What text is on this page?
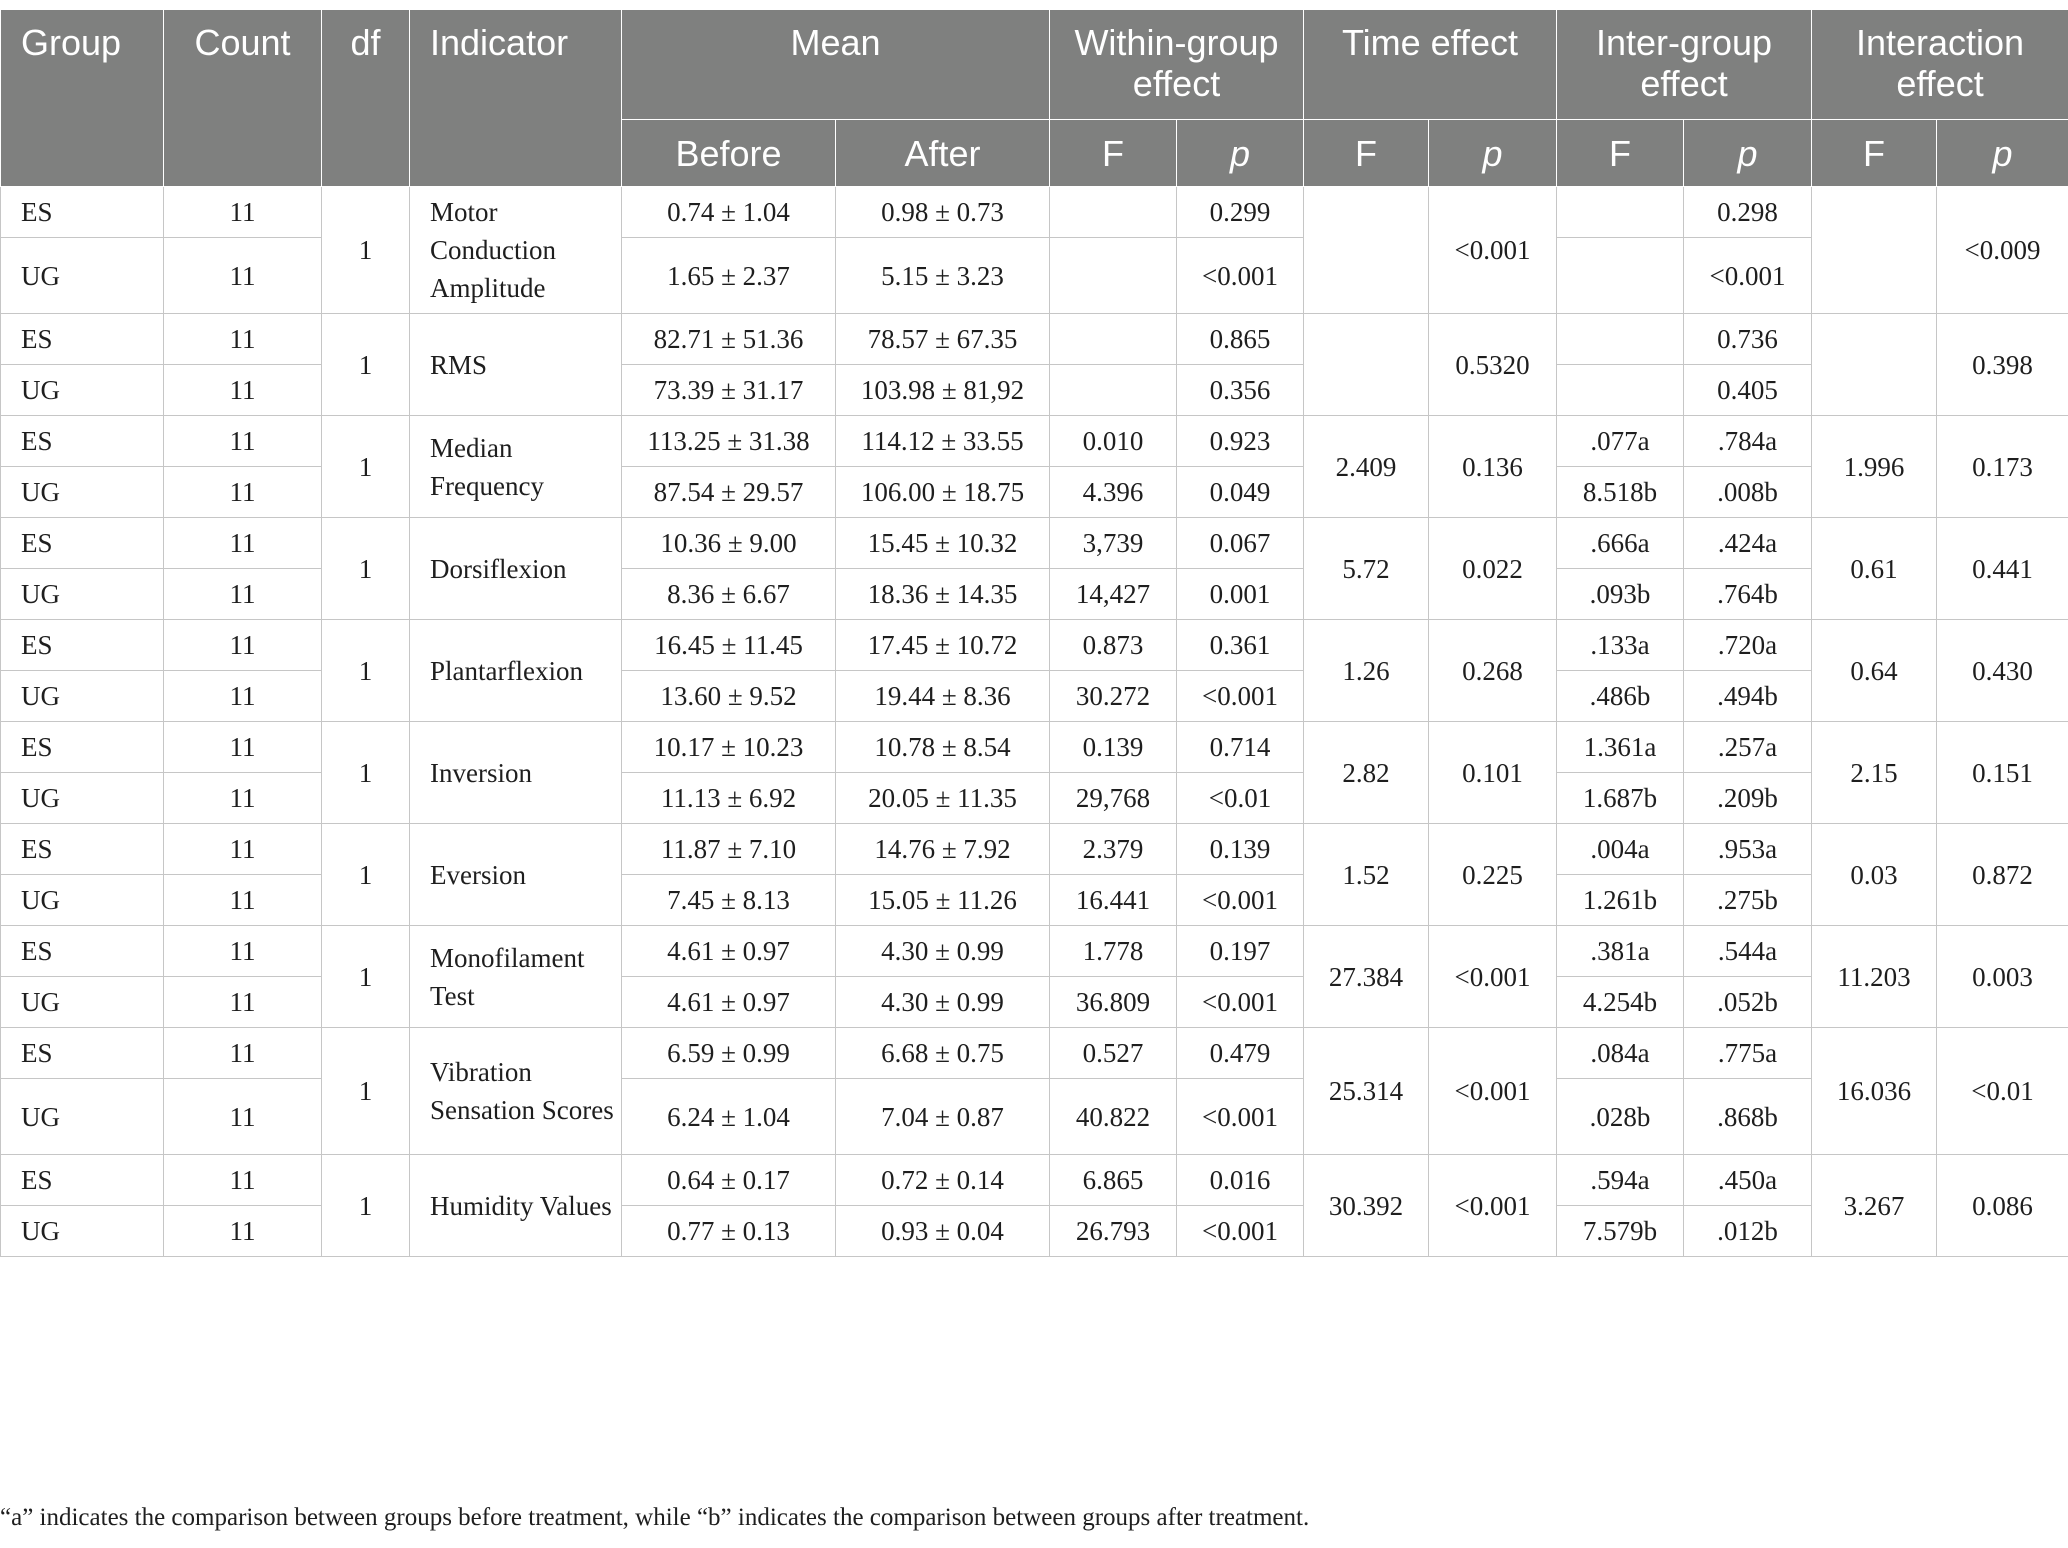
Group	Count	df	Indicator	Mean		Within-group effect		Time effect		Inter-group effect		Interaction effect	
				Before	After	F	p	F	p	F	p	F	p
ES	11	1	Motor Conduction Amplitude	0.74 ± 1.04	0.98 ± 0.73		0.299		<0.001		0.298		<0.009
UG	11			1.65 ± 2.37	5.15 ± 3.23		<0.001				<0.001		
ES	11	1	RMS	82.71 ± 51.36	78.57 ± 67.35		0.865		0.5320		0.736		0.398
UG	11			73.39 ± 31.17	103.98 ± 81,92		0.356				0.405		
ES	11	1	Median Frequency	113.25 ± 31.38	114.12 ± 33.55	0.010	0.923	2.409	0.136	.077a	.784a	1.996	0.173
UG	11			87.54 ± 29.57	106.00 ± 18.75	4.396	0.049			8.518b	.008b		
ES	11	1	Dorsiflexion	10.36 ± 9.00	15.45 ± 10.32	3,739	0.067	5.72	0.022	.666a	.424a	0.61	0.441
UG	11			8.36 ± 6.67	18.36 ± 14.35	14,427	0.001			.093b	.764b		
ES	11	1	Plantarflexion	16.45 ± 11.45	17.45 ± 10.72	0.873	0.361	1.26	0.268	.133a	.720a	0.64	0.430
UG	11			13.60 ± 9.52	19.44 ± 8.36	30.272	<0.001			.486b	.494b		
ES	11	1	Inversion	10.17 ± 10.23	10.78 ± 8.54	0.139	0.714	2.82	0.101	1.361a	.257a	2.15	0.151
UG	11			11.13 ± 6.92	20.05 ± 11.35	29,768	<0.01			1.687b	.209b		
ES	11	1	Eversion	11.87 ± 7.10	14.76 ± 7.92	2.379	0.139	1.52	0.225	.004a	.953a	0.03	0.872
UG	11			7.45 ± 8.13	15.05 ± 11.26	16.441	<0.001			1.261b	.275b		
ES	11	1	Monofilament Test	4.61 ± 0.97	4.30 ± 0.99	1.778	0.197	27.384	<0.001	.381a	.544a	11.203	0.003
UG	11			4.61 ± 0.97	4.30 ± 0.99	36.809	<0.001			4.254b	.052b		
ES	11	1	Vibration Sensation Scores	6.59 ± 0.99	6.68 ± 0.75	0.527	0.479	25.314	<0.001	.084a	.775a	16.036	<0.01
UG	11			6.24 ± 1.04	7.04 ± 0.87	40.822	<0.001			.028b	.868b		
ES	11	1	Humidity Values	0.64 ± 0.17	0.72 ± 0.14	6.865	0.016	30.392	<0.001	.594a	.450a	3.267	0.086
UG	11			0.77 ± 0.13	0.93 ± 0.04	26.793	<0.001			7.579b	.012b		
“a” indicates the comparison between groups before treatment, while “b” indicates the comparison between groups after treatment.
